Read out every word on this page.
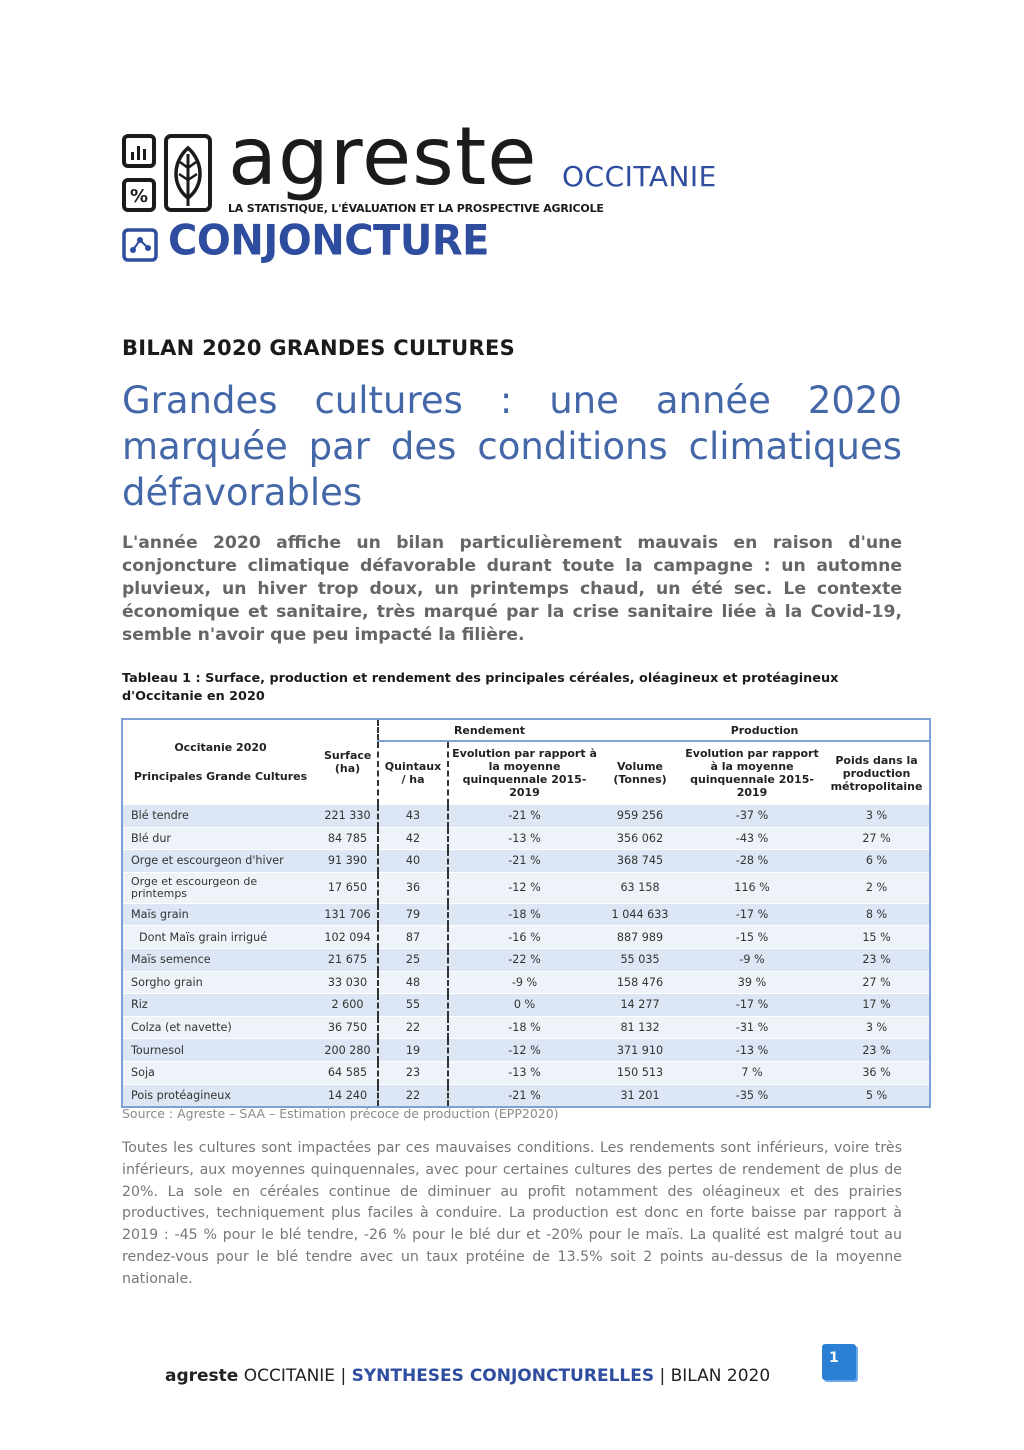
% agreste
LA STATISTIQUE, L'ÉVALUATION ET LA PROSPECTIVE AGRICOLE
OCCITANIE
CONJONCTURE
BILAN 2020 GRANDES CULTURES
Grandes cultures : une année 2020 marquée par des conditions climatiques défavorables

L'année 2020 affiche un bilan particulièrement mauvais en raison d'une conjoncture climatique défavorable durant toute la campagne : un automne pluvieux, un hiver trop doux, un printemps chaud, un été sec. Le contexte économique et sanitaire, très marqué par la crise sanitaire liée à la Covid-19, semble n'avoir que peu impacté la filière.

Tableau 1 : Surface, production et rendement des principales céréales, oléagineux et protéagineux d'Occitanie en 2020

Occitanie 2020
Principales Grande Cultures	Surface (ha)	Rendement		Production		
		Quintaux / ha	Evolution par rapport à la moyenne quinquennale 2015-2019	Volume (Tonnes)	Evolution par rapport à la moyenne quinquennale 2015-2019	Poids dans la production métropolitaine
Blé tendre	221 330	43	-21 %	959 256	-37 %	3 %
Blé dur	84 785	42	-13 %	356 062	-43 %	27 %
Orge et escourgeon d'hiver	91 390	40	-21 %	368 745	-28 %	6 %
Orge et escourgeon de printemps	17 650	36	-12 %	63 158	116 %	2 %
Maïs grain	131 706	79	-18 %	1 044 633	-17 %	8 %
Dont Maïs grain irrigué	102 094	87	-16 %	887 989	-15 %	15 %
Maïs semence	21 675	25	-22 %	55 035	-9 %	23 %
Sorgho grain	33 030	48	-9 %	158 476	39 %	27 %
Riz	2 600	55	0 %	14 277	-17 %	17 %
Colza (et navette)	36 750	22	-18 %	81 132	-31 %	3 %
Tournesol	200 280	19	-12 %	371 910	-13 %	23 %
Soja	64 585	23	-13 %	150 513	7 %	36 %
Pois protéagineux	14 240	22	-21 %	31 201	-35 %	5 %
Source : Agreste – SAA – Estimation précoce de production (EPP2020)

Toutes les cultures sont impactées par ces mauvaises conditions. Les rendements sont inférieurs, voire très inférieurs, aux moyennes quinquennales, avec pour certaines cultures des pertes de rendement de plus de 20%. La sole en céréales continue de diminuer au profit notamment des oléagineux et des prairies productives, techniquement plus faciles à conduire. La production est donc en forte baisse par rapport à 2019 : -45 % pour le blé tendre, -26 % pour le blé dur et -20% pour le maïs. La qualité est malgré tout au rendez-vous pour le blé tendre avec un taux protéine de 13.5% soit 2 points au-dessus de la moyenne nationale.

agreste OCCITANIE | SYNTHESES CONJONCTURELLES | BILAN 2020
1
